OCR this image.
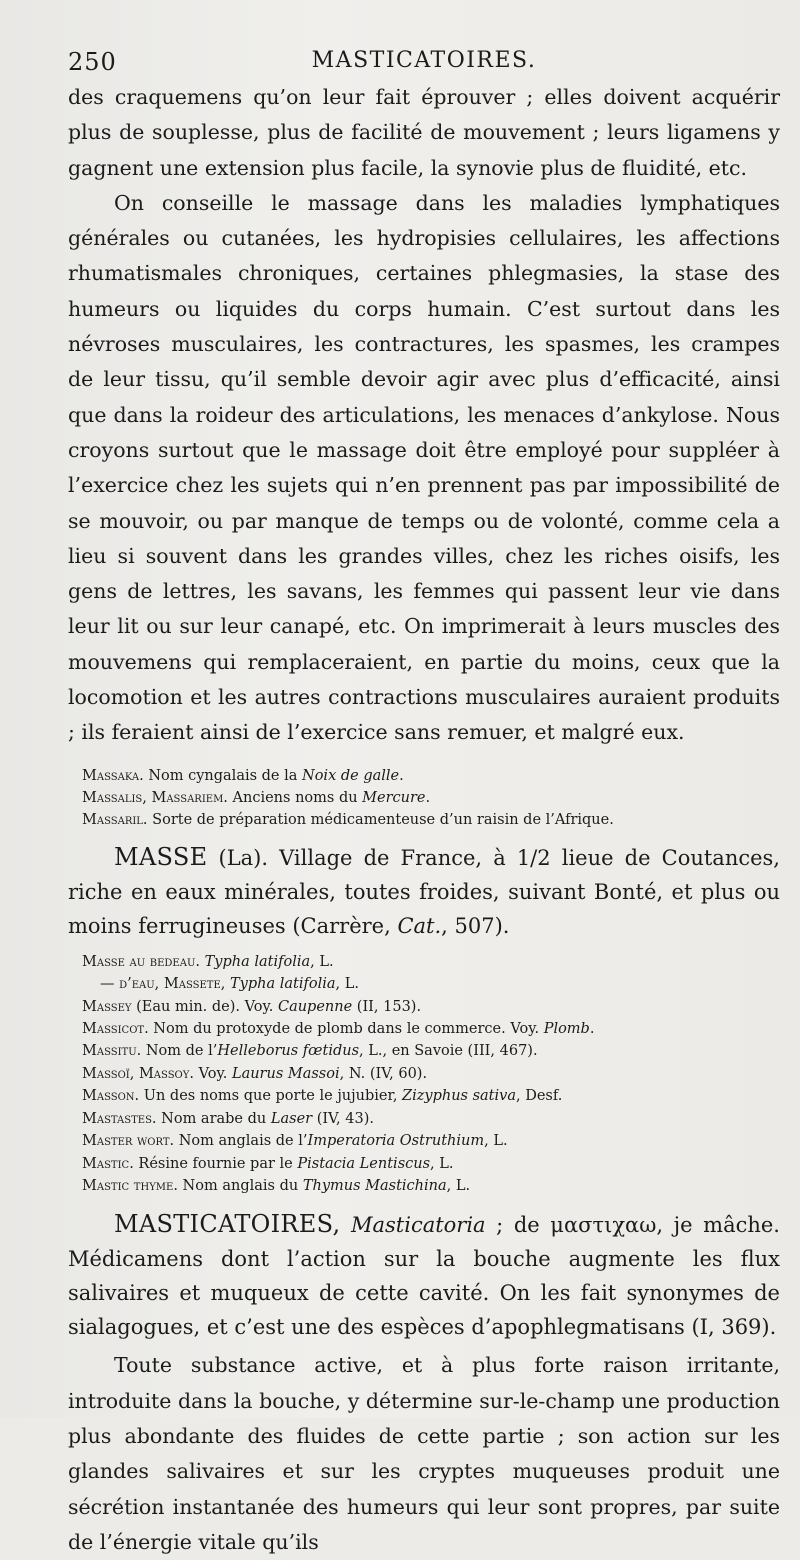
250	MASTICATOIRES.

des craquemens qu’on leur fait éprouver ; elles doivent acquérir plus de souplesse, plus de facilité de mouvement ; leurs ligamens y gagnent une extension plus facile, la synovie plus de fluidité, etc.

On conseille le massage dans les maladies lymphatiques générales ou cutanées, les hydropisies cellulaires, les affections rhumatismales chroniques, certaines phlegmasies, la stase des humeurs ou liquides du corps humain. C’est surtout dans les névroses musculaires, les contractures, les spasmes, les crampes de leur tissu, qu’il semble devoir agir avec plus d’efficacité, ainsi que dans la roideur des articulations, les menaces d’ankylose. Nous croyons surtout que le massage doit être employé pour suppléer à l’exercice chez les sujets qui n’en prennent pas par impossibilité de se mouvoir, ou par manque de temps ou de volonté, comme cela a lieu si souvent dans les grandes villes, chez les riches oisifs, les gens de lettres, les savans, les femmes qui passent leur vie dans leur lit ou sur leur canapé, etc. On imprimerait à leurs muscles des mouvemens qui remplaceraient, en partie du moins, ceux que la locomotion et les autres contractions musculaires auraient produits ; ils feraient ainsi de l’exercice sans remuer, et malgré eux.

Massaka. Nom cyngalais de la Noix de galle.

Massalis, Massariem. Anciens noms du Mercure.

Massaril. Sorte de préparation médicamenteuse d’un raisin de l’Afrique.

MASSE (La). Village de France, à 1/2 lieue de Coutances, riche en eaux minérales, toutes froides, suivant Bonté, et plus ou moins ferrugineuses (Carrère, Cat., 507).

Masse au bedeau. Typha latifolia, L.

— d’eau, Massete, Typha latifolia, L.

Massey (Eau min. de). Voy. Caupenne (II, 153).

Massicot. Nom du protoxyde de plomb dans le commerce. Voy. Plomb.

Massitu. Nom de l’Helleborus fœtidus, L., en Savoie (III, 467).

Massoï, Massoy. Voy. Laurus Massoi, N. (IV, 60).

Masson. Un des noms que porte le jujubier, Zizyphus sativa, Desf.

Mastastes. Nom arabe du Laser (IV, 43).

Master wort. Nom anglais de l’Imperatoria Ostruthium, L.

Mastic. Résine fournie par le Pistacia Lentiscus, L.

Mastic thyme. Nom anglais du Thymus Mastichina, L.

MASTICATOIRES, Masticatoria ; de μαστιχαω, je mâche. Médicamens dont l’action sur la bouche augmente les flux salivaires et muqueux de cette cavité. On les fait synonymes de sialagogues, et c’est une des espèces d’apophlegmatisans (I, 369).

Toute substance active, et à plus forte raison irritante, introduite dans la bouche, y détermine sur-le-champ une production plus abondante des fluides de cette partie ; son action sur les glandes salivaires et sur les cryptes muqueuses produit une sécrétion instantanée des humeurs qui leur sont propres, par suite de l’énergie vitale qu’ils
